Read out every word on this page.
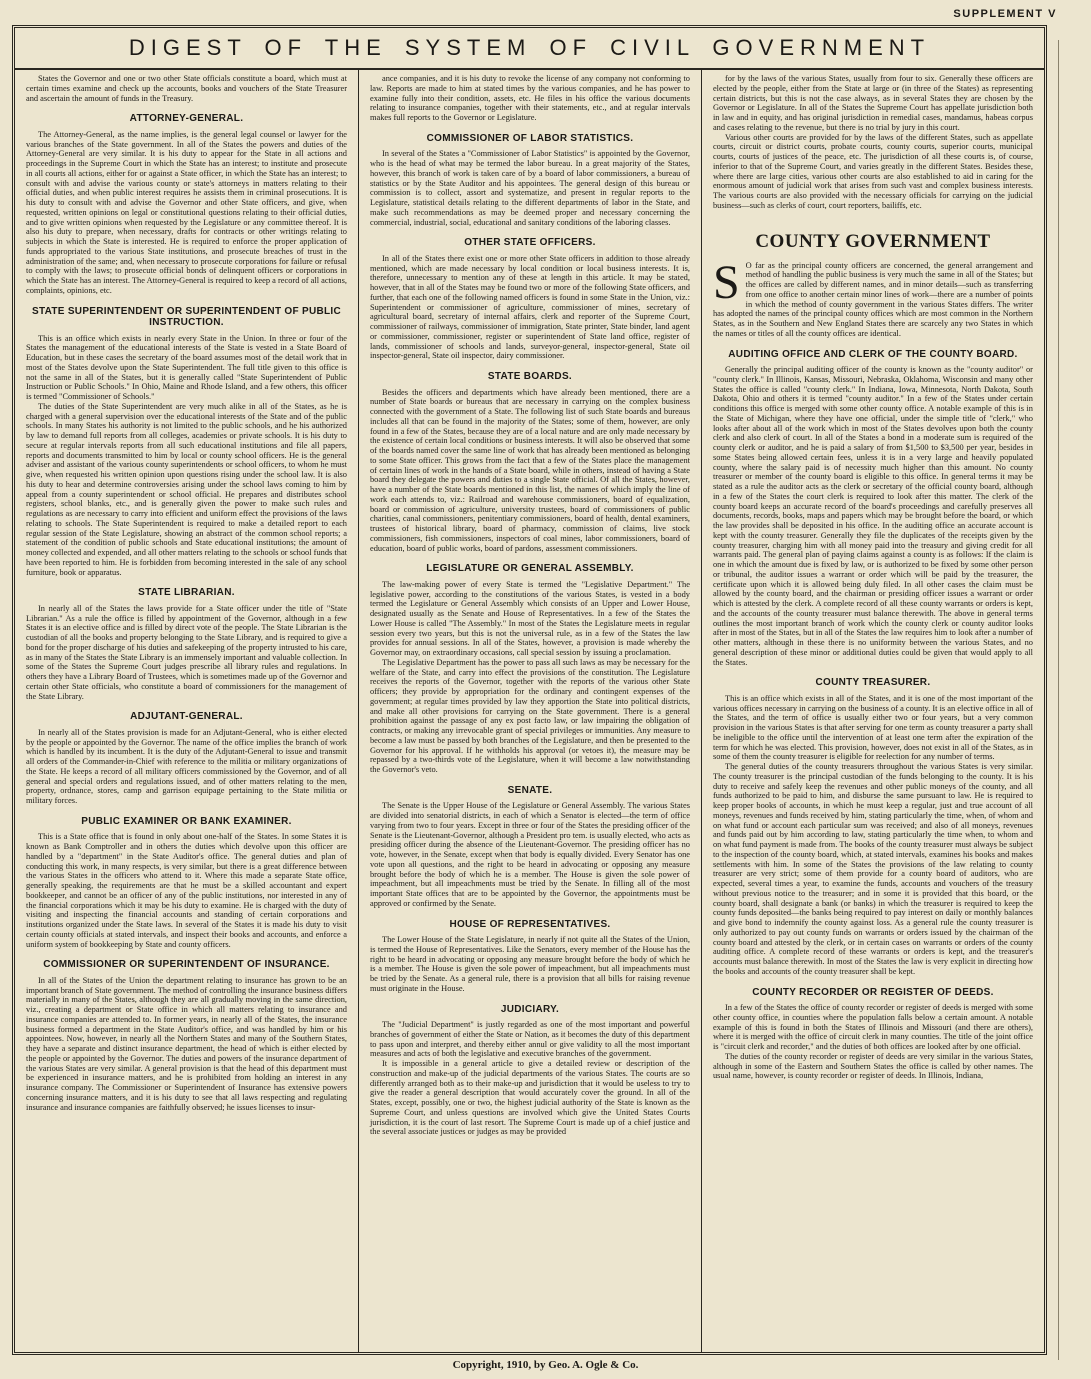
SUPPLEMENT V
DIGEST OF THE SYSTEM OF CIVIL GOVERNMENT

States the Governor and one or two other State officials constitute a board, which must at certain times examine and check up the accounts, books and vouchers of the State Treasurer and ascertain the amount of funds in the Treasury.

ATTORNEY-GENERAL.

The Attorney-General, as the name implies, is the general legal counsel or lawyer for the various branches of the State government. In all of the States the powers and duties of the Attorney-General are very similar. It is his duty to appear for the State in all actions and proceedings in the Supreme Court in which the State has an interest; to institute and prosecute in all courts all actions, either for or against a State officer, in which the State has an interest; to consult with and advise the various county or state's attorneys in matters relating to their official duties, and when public interest requires he assists them in criminal prosecutions. It is his duty to consult with and advise the Governor and other State officers, and give, when requested, written opinions on legal or constitutional questions relating to their official duties, and to give written opinions when requested by the Legislature or any committee thereof. It is also his duty to prepare, when necessary, drafts for contracts or other writings relating to subjects in which the State is interested. He is required to enforce the proper application of funds appropriated to the various State institutions, and prosecute breaches of trust in the administration of the same; and, when necessary to prosecute corporations for failure or refusal to comply with the laws; to prosecute official bonds of delinquent officers or corporations in which the State has an interest. The Attorney-General is required to keep a record of all actions, complaints, opinions, etc.

STATE SUPERINTENDENT OR SUPERINTENDENT OF PUBLIC INSTRUCTION.

This is an office which exists in nearly every State in the Union. In three or four of the States the management of the educational interests of the State is vested in a State Board of Education, but in these cases the secretary of the board assumes most of the detail work that in most of the States devolve upon the State Superintendent. The full title given to this office is not the same in all of the States, but it is generally called "State Superintendent of Public Instruction or Public Schools." In Ohio, Maine and Rhode Island, and a few others, this officer is termed "Commissioner of Schools."

The duties of the State Superintendent are very much alike in all of the States, as he is charged with a general supervision over the educational interests of the State and of the public schools. In many States his authority is not limited to the public schools, and he his authorized by law to demand full reports from all colleges, academies or private schools. It is his duty to secure at regular intervals reports from all such educational institutions and file all papers, reports and documents transmitted to him by local or county school officers. He is the general adviser and assistant of the various county superintendents or school officers, to whom he must give, when requested his written opinion upon questions rising under the school law. It is also his duty to hear and determine controversies arising under the school laws coming to him by appeal from a county superintendent or school official. He prepares and distributes school registers, school blanks, etc., and is generally given the power to make such rules and regulations as are necessary to carry into efficient and uniform effect the provisions of the laws relating to schools. The State Superintendent is required to make a detailed report to each regular session of the State Legislature, showing an abstract of the common school reports; a statement of the condition of public schools and State educational institutions; the amount of money collected and expended, and all other matters relating to the schools or school funds that have been reported to him. He is forbidden from becoming interested in the sale of any school furniture, book or apparatus.

STATE LIBRARIAN.

In nearly all of the States the laws provide for a State officer under the title of "State Librarian." As a rule the office is filled by appointment of the Governor, although in a few States it is an elective office and is filled by direct vote of the people. The State Librarian is the custodian of all the books and property belonging to the State Library, and is required to give a bond for the proper discharge of his duties and safekeeping of the property intrusted to his care, as in many of the States the State Library is an immensely important and valuable collection. In some of the States the Supreme Court judges prescribe all library rules and regulations. In others they have a Library Board of Trustees, which is sometimes made up of the Governor and certain other State officials, who constitute a board of commissioners for the management of the State Library.

ADJUTANT-GENERAL.

In nearly all of the States provision is made for an Adjutant-General, who is either elected by the people or appointed by the Governor. The name of the office implies the branch of work which is handled by its incumbent. It is the duty of the Adjutant-General to issue and transmit all orders of the Commander-in-Chief with reference to the militia or military organizations of the State. He keeps a record of all military officers commissioned by the Governor, and of all general and special orders and regulations issued, and of other matters relating to the men, property, ordnance, stores, camp and garrison equipage pertaining to the State militia or military forces.

PUBLIC EXAMINER OR BANK EXAMINER.

This is a State office that is found in only about one-half of the States. In some States it is known as Bank Comptroller and in others the duties which devolve upon this officer are handled by a "department" in the State Auditor's office. The general duties and plan of conducting this work, in many respects, is very similar, but there is a great difference between the various States in the officers who attend to it. Where this made a separate State office, generally speaking, the requirements are that he must be a skilled accountant and expert bookkeeper, and cannot be an officer of any of the public institutions, nor interested in any of the financial corporations which it may be his duty to examine. He is charged with the duty of visiting and inspecting the financial accounts and standing of certain corporations and institutions organized under the State laws. In several of the States it is made his duty to visit certain county officials at stated intervals, and inspect their books and accounts, and enforce a uniform system of bookkeeping by State and county officers.

COMMISSIONER OR SUPERINTENDENT OF INSURANCE.

In all of the States of the Union the department relating to insurance has grown to be an important branch of State government. The method of controlling the insurance business differs materially in many of the States, although they are all gradually moving in the same direction, viz., creating a department or State office in which all matters relating to insurance and insurance companies are attended to. In former years, in nearly all of the States, the insurance business formed a department in the State Auditor's office, and was handled by him or his appointees. Now, however, in nearly all the Northern States and many of the Southern States, they have a separate and distinct insurance department, the head of which is either elected by the people or appointed by the Governor. The duties and powers of the insurance department of the various States are very similar. A general provision is that the head of this department must be experienced in insurance matters, and he is prohibited from holding an interest in any insurance company. The Commissioner or Superintendent of Insurance has extensive powers concerning insurance matters, and it is his duty to see that all laws respecting and regulating insurance and insurance companies are faithfully observed; he issues licenses to insur-

ance companies, and it is his duty to revoke the license of any company not conforming to law. Reports are made to him at stated times by the various companies, and he has power to examine fully into their condition, assets, etc. He files in his office the various documents relating to insurance companies, together with their statements, etc., and at regular intervals makes full reports to the Governor or Legislature.

COMMISSIONER OF LABOR STATISTICS.

In several of the States a "Commissioner of Labor Statistics" is appointed by the Governor, who is the head of what may be termed the labor bureau. In a great majority of the States, however, this branch of work is taken care of by a board of labor commissioners, a bureau of statistics or by the State Auditor and his appointees. The general design of this bureau or commission is to collect, assort and systematize, and present in regular reports to the Legislature, statistical details relating to the different departments of labor in the State, and make such recommendations as may be deemed proper and necessary concerning the commercial, industrial, social, educational and sanitary conditions of the laboring classes.

OTHER STATE OFFICERS.

In all of the States there exist one or more other State officers in addition to those already mentioned, which are made necessary by local condition or local business interests. It is, therefore, unnecessary to mention any of these at length in this article. It may be stated, however, that in all of the States may be found two or more of the following State officers, and further, that each one of the following named officers is found in some State in the Union, viz.: Superintendent or commissioner of agriculture, commissioner of mines, secretary of agricultural board, secretary of internal affairs, clerk and reporter of the Supreme Court, commissioner of railways, commissioner of immigration, State printer, State binder, land agent or commissioner, commissioner, register or superintendent of State land office, register of lands, commissioner of schools and lands, surveyor-general, inspector-general, State oil inspector-general, State oil inspector, dairy commissioner.

STATE BOARDS.

Besides the officers and departments which have already been mentioned, there are a number of State boards or bureaus that are necessary in carrying on the complex business connected with the government of a State. The following list of such State boards and bureaus includes all that can be found in the majority of the States; some of them, however, are only found in a few of the States, because they are of a local nature and are only made necessary by the existence of certain local conditions or business interests. It will also be observed that some of the boards named cover the same line of work that has already been mentioned as belonging to some State officer. This grows from the fact that a few of the States place the management of certain lines of work in the hands of a State board, while in others, instead of having a State board they delegate the powers and duties to a single State official. Of all the States, however, have a number of the State boards mentioned in this list, the names of which imply the line of work each attends to, viz.: Railroad and warehouse commissioners, board of equalization, board or commission of agriculture, university trustees, board of commissioners of public charities, canal commissioners, penitentiary commissioners, board of health, dental examiners, trustees of historical library, board of pharmacy, commission of claims, live stock commissioners, fish commissioners, inspectors of coal mines, labor commissioners, board of education, board of public works, board of pardons, assessment commissioners.

LEGISLATURE OR GENERAL ASSEMBLY.

The law-making power of every State is termed the "Legislative Department." The legislative power, according to the constitutions of the various States, is vested in a body termed the Legislature or General Assembly which consists of an Upper and Lower House, designated usually as the Senate and House of Representatives. In a few of the States the Lower House is called "The Assembly." In most of the States the Legislature meets in regular session every two years, but this is not the universal rule, as in a few of the States the law provides for annual sessions. In all of the States, however, a provision is made whereby the Governor may, on extraordinary occasions, call special session by issuing a proclamation.

The Legislative Department has the power to pass all such laws as may be necessary for the welfare of the State, and carry into effect the provisions of the constitution. The Legislature receives the reports of the Governor, together with the reports of the various other State officers; they provide by appropriation for the ordinary and contingent expenses of the government; at regular times provided by law they apportion the State into political districts, and make all other provisions for carrying on the State government. There is a general prohibition against the passage of any ex post facto law, or law impairing the obligation of contracts, or making any irrevocable grant of special privileges or immunities. Any measure to become a law must be passed by both branches of the Legislature, and then be presented to the Governor for his approval. If he withholds his approval (or vetoes it), the measure may be repassed by a two-thirds vote of the Legislature, when it will become a law notwithstanding the Governor's veto.

SENATE.

The Senate is the Upper House of the Legislature or General Assembly. The various States are divided into senatorial districts, in each of which a Senator is elected—the term of office varying from two to four years. Except in three or four of the States the presiding officer of the Senate is the Lieutenant-Governor, although a President pro tem. is usually elected, who acts as presiding officer during the absence of the Lieutenant-Governor. The presiding officer has no vote, however, in the Senate, except when that body is equally divided. Every Senator has one vote upon all questions, and the right to be heard in advocating or opposing any measure brought before the body of which he is a member. The House is given the sole power of impeachment, but all impeachments must be tried by the Senate. In filling all of the most important State offices that are to be appointed by the Governor, the appointments must be approved or confirmed by the Senate.

HOUSE OF REPRESENTATIVES.

The Lower House of the State Legislature, in nearly if not quite all the States of the Union, is termed the House of Representatives. Like the Senators, every member of the House has the right to be heard in advocating or opposing any measure brought before the body of which he is a member. The House is given the sole power of impeachment, but all impeachments must be tried by the Senate. As a general rule, there is a provision that all bills for raising revenue must originate in the House.

JUDICIARY.

The "Judicial Department" is justly regarded as one of the most important and powerful branches of government of either the State or Nation, as it becomes the duty of this department to pass upon and interpret, and thereby either annul or give validity to all the most important measures and acts of both the legislative and executive branches of the government.

It is impossible in a general article to give a detailed review or description of the construction and make-up of the judicial departments of the various States. The courts are so differently arranged both as to their make-up and jurisdiction that it would be useless to try to give the reader a general description that would accurately cover the ground. In all of the States, except, possibly, one or two, the highest judicial authority of the State is known as the Supreme Court, and unless questions are involved which give the United States Courts jurisdiction, it is the court of last resort. The Supreme Court is made up of a chief justice and the several associate justices or judges as may be provided

for by the laws of the various States, usually from four to six. Generally these officers are elected by the people, either from the State at large or (in three of the States) as representing certain districts, but this is not the case always, as in several States they are chosen by the Governor or Legislature. In all of the States the Supreme Court has appellate jurisdiction both in law and in equity, and has original jurisdiction in remedial cases, mandamus, habeas corpus and cases relating to the revenue, but there is no trial by jury in this court.

Various other courts are provided for by the laws of the different States, such as appellate courts, circuit or district courts, probate courts, county courts, superior courts, municipal courts, courts of justices of the peace, etc. The jurisdiction of all these courts is, of course, inferior to that of the Supreme Court, and varies greatly in the different States. Besides these, where there are large cities, various other courts are also established to aid in caring for the enormous amount of judicial work that arises from such vast and complex business interests. The various courts are also provided with the necessary officials for carrying on the judicial business—such as clerks of court, court reporters, bailiffs, etc.

COUNTY GOVERNMENT

S O far as the principal county officers are concerned, the general arrangement and method of handling the public business is very much the same in all of the States; but the offices are called by different names, and in minor details—such as transferring from one office to another certain minor lines of work—there are a number of points in which the method of county government in the various States differs. The writer has adopted the names of the principal county offices which are most common in the Northern States, as in the Southern and New England States there are scarcely any two States in which the names or titles of all the county offices are identical.

AUDITING OFFICE AND CLERK OF THE COUNTY BOARD.

Generally the principal auditing officer of the county is known as the "county auditor" or "county clerk." In Illinois, Kansas, Missouri, Nebraska, Oklahoma, Wisconsin and many other States the office is called "county clerk." In Indiana, Iowa, Minnesota, North Dakota, South Dakota, Ohio and others it is termed "county auditor." In a few of the States under certain conditions this office is merged with some other county office. A notable example of this is in the State of Michigan, where they have one official, under the simple title of "clerk," who looks after about all of the work which in most of the States devolves upon both the county clerk and also clerk of court. In all of the States a bond in a moderate sum is required of the county clerk or auditor, and he is paid a salary of from $1,500 to $3,500 per year, besides in some States being allowed certain fees, unless it is in a very large and heavily populated county, where the salary paid is of necessity much higher than this amount. No county treasurer or member of the county board is eligible to this office. In general terms it may be stated as a rule the auditor acts as the clerk or secretary of the official county board, although in a few of the States the court clerk is required to look after this matter. The clerk of the county board keeps an accurate record of the board's proceedings and carefully preserves all documents, records, books, maps and papers which may be brought before the board, or which the law provides shall be deposited in his office. In the auditing office an accurate account is kept with the county treasurer. Generally they file the duplicates of the receipts given by the county treasurer, charging him with all money paid into the treasury and giving credit for all warrants paid. The general plan of paying claims against a county is as follows: If the claim is one in which the amount due is fixed by law, or is authorized to be fixed by some other person or tribunal, the auditor issues a warrant or order which will be paid by the treasurer, the certificate upon which it is allowed being duly filed. In all other cases the claim must be allowed by the county board, and the chairman or presiding officer issues a warrant or order which is attested by the clerk. A complete record of all these county warrants or orders is kept, and the accounts of the county treasurer must balance therewith. The above in general terms outlines the most important branch of work which the county clerk or county auditor looks after in most of the States, but in all of the States the law requires him to look after a number of other matters, although in these there is no uniformity between the various States, and no general description of these minor or additional duties could be given that would apply to all the States.

COUNTY TREASURER.

This is an office which exists in all of the States, and it is one of the most important of the various offices necessary in carrying on the business of a county. It is an elective office in all of the States, and the term of office is usually either two or four years, but a very common provision in the various States is that after serving for one term as county treasurer a party shall be ineligible to the office until the intervention of at least one term after the expiration of the term for which he was elected. This provision, however, does not exist in all of the States, as in some of them the county treasurer is eligible for reelection for any number of terms.

The general duties of the county treasurers throughout the various States is very similar. The county treasurer is the principal custodian of the funds belonging to the county. It is his duty to receive and safely keep the revenues and other public moneys of the county, and all funds authorized to be paid to him, and disburse the same pursuant to law. He is required to keep proper books of accounts, in which he must keep a regular, just and true account of all moneys, revenues and funds received by him, stating particularly the time, when, of whom and on what fund or account each particular sum was received; and also of all moneys, revenues and funds paid out by him according to law, stating particularly the time when, to whom and on what fund payment is made from. The books of the county treasurer must always be subject to the inspection of the county board, which, at stated intervals, examines his books and makes settlements with him. In some of the States the provisions of the law relating to county treasurer are very strict; some of them provide for a county board of auditors, who are expected, several times a year, to examine the funds, accounts and vouchers of the treasury without previous notice to the treasurer; and in some it is provided that this board, or the county board, shall designate a bank (or banks) in which the treasurer is required to keep the county funds deposited—the banks being required to pay interest on daily or monthly balances and give bond to indemnify the county against loss. As a general rule the county treasurer is only authorized to pay out county funds on warrants or orders issued by the chairman of the county board and attested by the clerk, or in certain cases on warrants or orders of the county auditing office. A complete record of these warrants or orders is kept, and the treasurer's accounts must balance therewith. In most of the States the law is very explicit in directing how the books and accounts of the county treasurer shall be kept.

COUNTY RECORDER OR REGISTER OF DEEDS.

In a few of the States the office of county recorder or register of deeds is merged with some other county office, in counties where the population falls below a certain amount. A notable example of this is found in both the States of Illinois and Missouri (and there are others), where it is merged with the office of circuit clerk in many counties. The title of the joint office is "circuit clerk and recorder," and the duties of both offices are looked after by one official.

The duties of the county recorder or register of deeds are very similar in the various States, although in some of the Eastern and Southern States the office is called by other names. The usual name, however, is county recorder or register of deeds. In Illinois, Indiana,

Copyright, 1910, by Geo. A. Ogle & Co.
